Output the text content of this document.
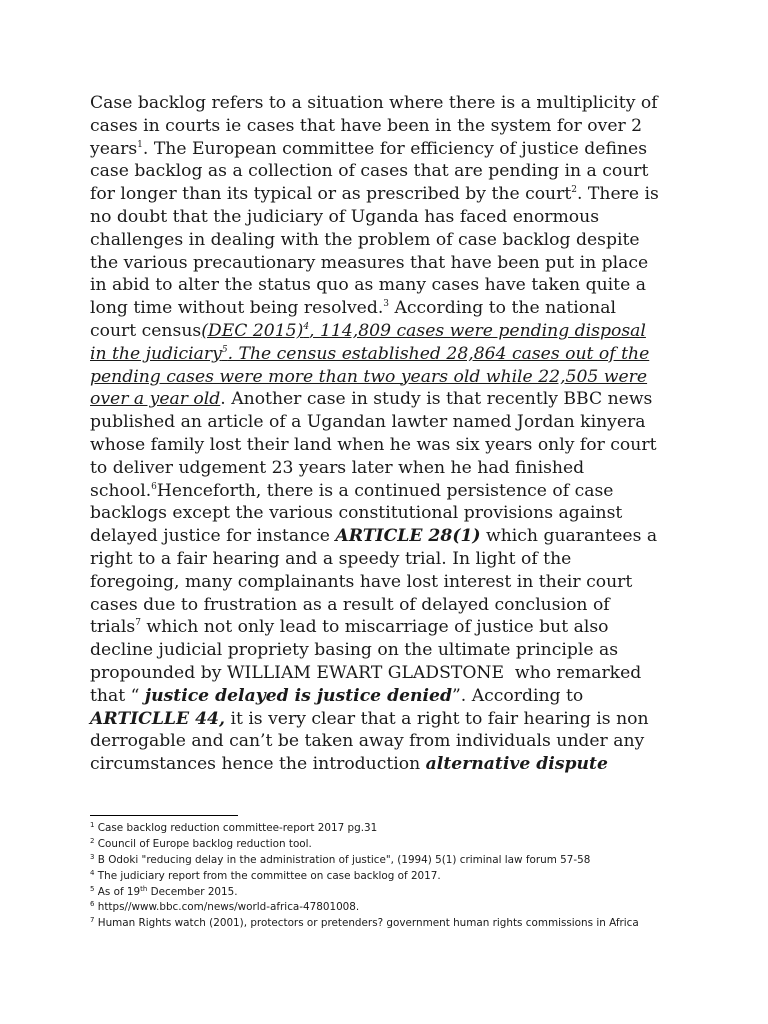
Case backlog refers to a situation where there is a multiplicity of
cases in courts ie cases that have been in the system for over 2
years$^1$. The European committee for efficiency of justice defines
case backlog as a collection of cases that are pending in a court
for longer than its typical or as prescribed by the court$^2$. There is
no doubt that the judiciary of Uganda has faced enormous
challenges in dealing with the problem of case backlog despite
the various precautionary measures that have been put in place
in abid to alter the status quo as many cases have taken quite a
long time without being resolved.$^3$ According to the national
court census(DEC 2015)$^4$, 114,809 cases were pending disposal
in the judiciary$^5$. The census established 28,864 cases out of the
pending cases were more than two years old while 22,505 were
over a year old. Another case in study is that recently BBC news
published an article of a Ugandan lawter named Jordan kinyera
whose family lost their land when he was six years only for court
to deliver udgement 23 years later when he had finished
school.$^6$Henceforth, there is a continued persistence of case
backlogs except the various constitutional provisions against
delayed justice for instance ARTICLE 28(1) which guarantees a
right to a fair hearing and a speedy trial. In light of the
foregoing, many complainants have lost interest in their court
cases due to frustration as a result of delayed conclusion of
trials$^7$ which not only lead to miscarriage of justice but also
decline judicial propriety basing on the ultimate principle as
propounded by WILLIAM EWART GLADSTONE  who remarked
that “ justice delayed is justice denied”. According to
ARTICLLE 44, it is very clear that a right to fair hearing is non
derrogable and can’t be taken away from individuals under any
circumstances hence the introduction alternative dispute
$^1$ Case backlog reduction committee-report 2017 pg.31
$^2$ Council of Europe backlog reduction tool.
$^3$ B Odoki "reducing delay in the administration of justice", (1994) 5(1) criminal law forum 57-58
$^4$ The judiciary report from the committee on case backlog of 2017.
$^5$ As of 19th December 2015.
$^6$ https//www.bbc.com/news/world-africa-47801008.
$^7$ Human Rights watch (2001), protectors or pretenders? government human rights commissions in Africa
